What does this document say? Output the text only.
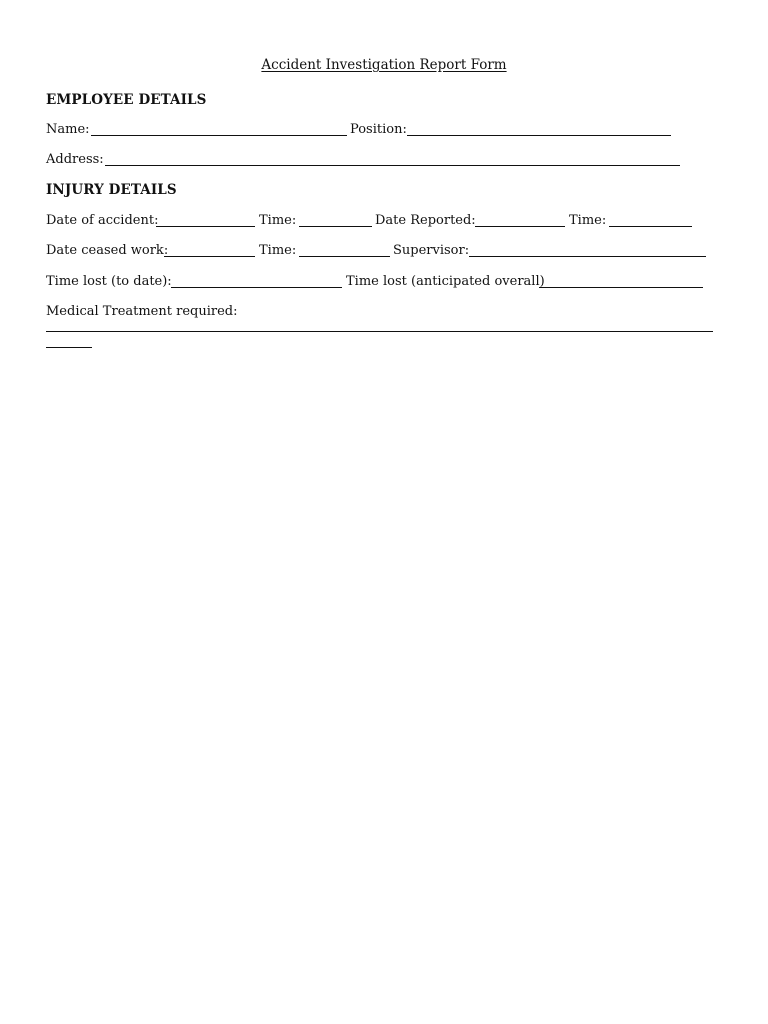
Accident Investigation Report Form
EMPLOYEE DETAILS
Name:	Position:
Address:
INJURY DETAILS
Date of accident:	Time:	Date Reported:	Time:
Date ceased work:	Time:	Supervisor:
Time lost (to date):	Time lost (anticipated overall)
Medical Treatment required:
